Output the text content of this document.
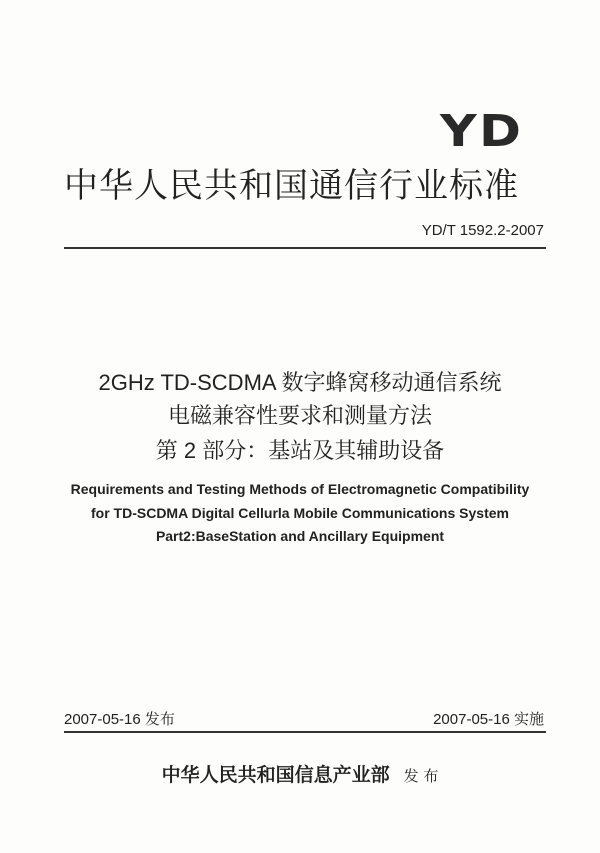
YD
中华人民共和国通信行业标准
YD/T 1592.2-2007
2GHz TD-SCDMA 数字蜂窝移动通信系统
电磁兼容性要求和测量方法
第 2 部分：基站及其辅助设备
Requirements and Testing Methods of Electromagnetic Compatibility
for TD-SCDMA Digital Cellurla Mobile Communications System
Part2:BaseStation and Ancillary Equipment
2007-05-16 发布	2007-05-16 实施
中华人民共和国信息产业部 发 布
